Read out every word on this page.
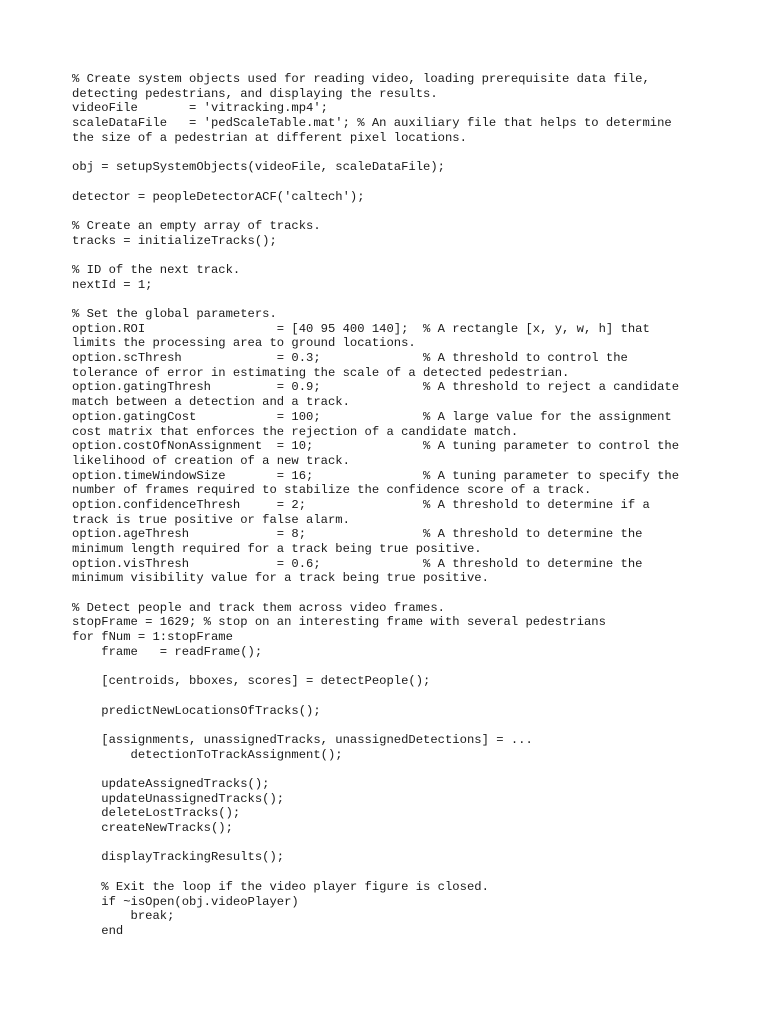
% Create system objects used for reading video, loading prerequisite data file,
detecting pedestrians, and displaying the results.
videoFile       = 'vitracking.mp4';
scaleDataFile   = 'pedScaleTable.mat'; % An auxiliary file that helps to determine
the size of a pedestrian at different pixel locations.
obj = setupSystemObjects(videoFile, scaleDataFile);
detector = peopleDetectorACF('caltech');
% Create an empty array of tracks.
tracks = initializeTracks();
% ID of the next track.
nextId = 1;
% Set the global parameters.
option.ROI                  = [40 95 400 140];  % A rectangle [x, y, w, h] that
limits the processing area to ground locations.
option.scThresh             = 0.3;              % A threshold to control the
tolerance of error in estimating the scale of a detected pedestrian.
option.gatingThresh         = 0.9;              % A threshold to reject a candidate
match between a detection and a track.
option.gatingCost           = 100;              % A large value for the assignment
cost matrix that enforces the rejection of a candidate match.
option.costOfNonAssignment  = 10;               % A tuning parameter to control the
likelihood of creation of a new track.
option.timeWindowSize       = 16;               % A tuning parameter to specify the
number of frames required to stabilize the confidence score of a track.
option.confidenceThresh     = 2;                % A threshold to determine if a
track is true positive or false alarm.
option.ageThresh            = 8;                % A threshold to determine the
minimum length required for a track being true positive.
option.visThresh            = 0.6;              % A threshold to determine the
minimum visibility value for a track being true positive.
% Detect people and track them across video frames.
stopFrame = 1629; % stop on an interesting frame with several pedestrians
for fNum = 1:stopFrame
frame   = readFrame();
[centroids, bboxes, scores] = detectPeople();
predictNewLocationsOfTracks();
[assignments, unassignedTracks, unassignedDetections] = ...
detectionToTrackAssignment();
updateAssignedTracks();
updateUnassignedTracks();
deleteLostTracks();
createNewTracks();
displayTrackingResults();
% Exit the loop if the video player figure is closed.
if ~isOpen(obj.videoPlayer)
break;
end
